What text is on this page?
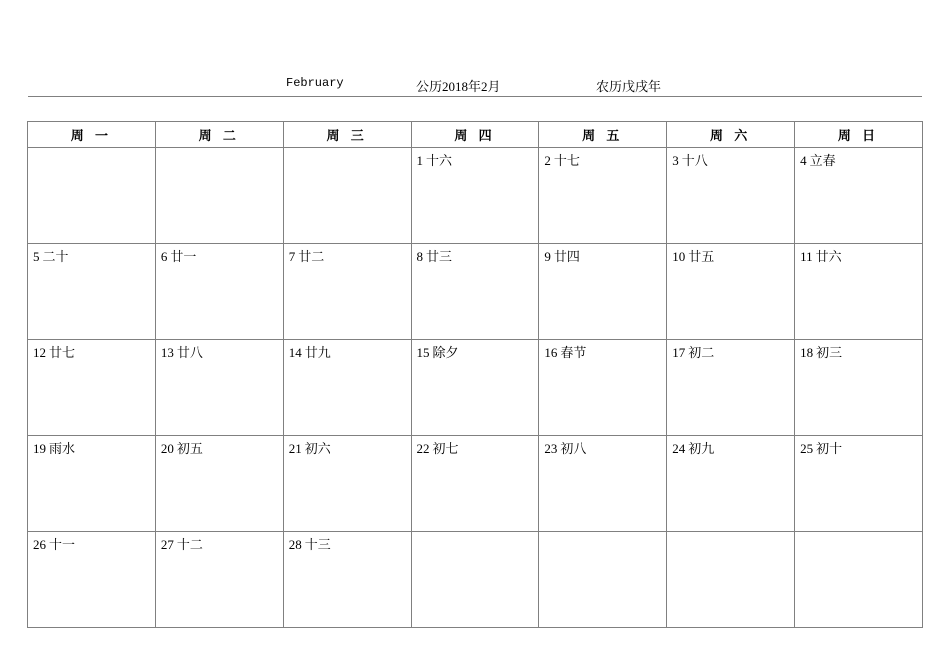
February	公历2018年2月	农历戊戌年
周 一	周 二	周 三	周 四	周 五	周 六	周 日

			1 十六	2 十七	3 十八	4 立春

5 二十	6 廿一	7 廿二	8 廿三	9 廿四	10 廿五	11 廿六

12 廿七	13 廿八	14 廿九	15 除夕	16 春节	17 初二	18 初三

19 雨水	20 初五	21 初六	22 初七	23 初八	24 初九	25 初十

26 十一	27 十二	28 十三				
